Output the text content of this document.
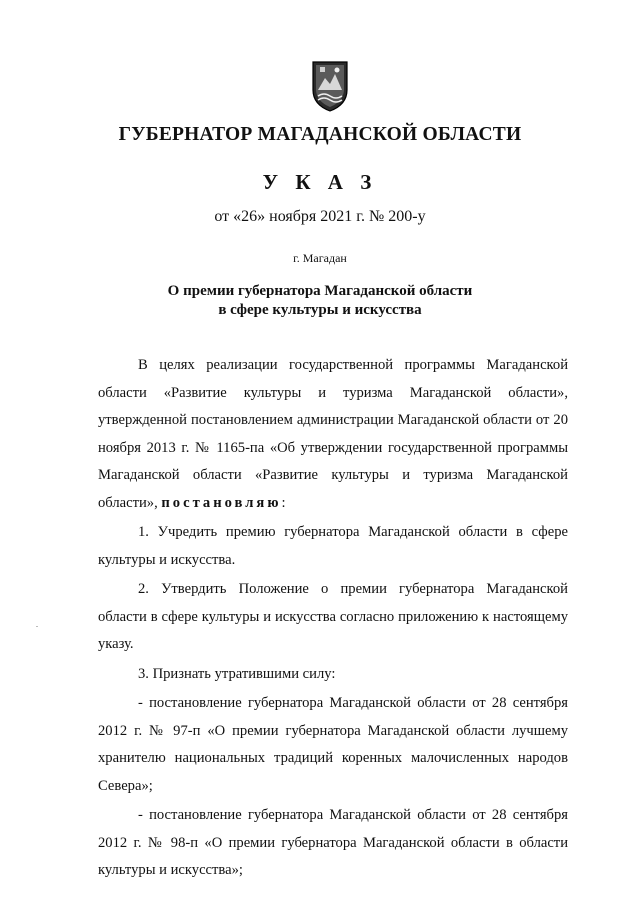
ГУБЕРНАТОР МАГАДАНСКОЙ ОБЛАСТИ
У К А З
от «26» ноября 2021 г. № 200-у
г. Магадан
О премии губернатора Магаданской области
в сфере культуры и искусства

В целях реализации государственной программы Магаданской области «Развитие культуры и туризма Магаданской области», утвержденной постановлением администрации Магаданской области от 20 ноября 2013 г. № 1165-па «Об утверждении государственной программы Магаданской области «Развитие культуры и туризма Магаданской области», постановляю:

1. Учредить премию губернатора Магаданской области в сфере культуры и искусства.

2. Утвердить Положение о премии губернатора Магаданской области в сфере культуры и искусства согласно приложению к настоящему указу.

3. Признать утратившими силу:

- постановление губернатора Магаданской области от 28 сентября 2012 г. № 97-п «О премии губернатора Магаданской области лучшему хранителю национальных традиций коренных малочисленных народов Севера»;

- постановление губернатора Магаданской области от 28 сентября 2012 г. № 98-п «О премии губернатора Магаданской области в области культуры и искусства»;
